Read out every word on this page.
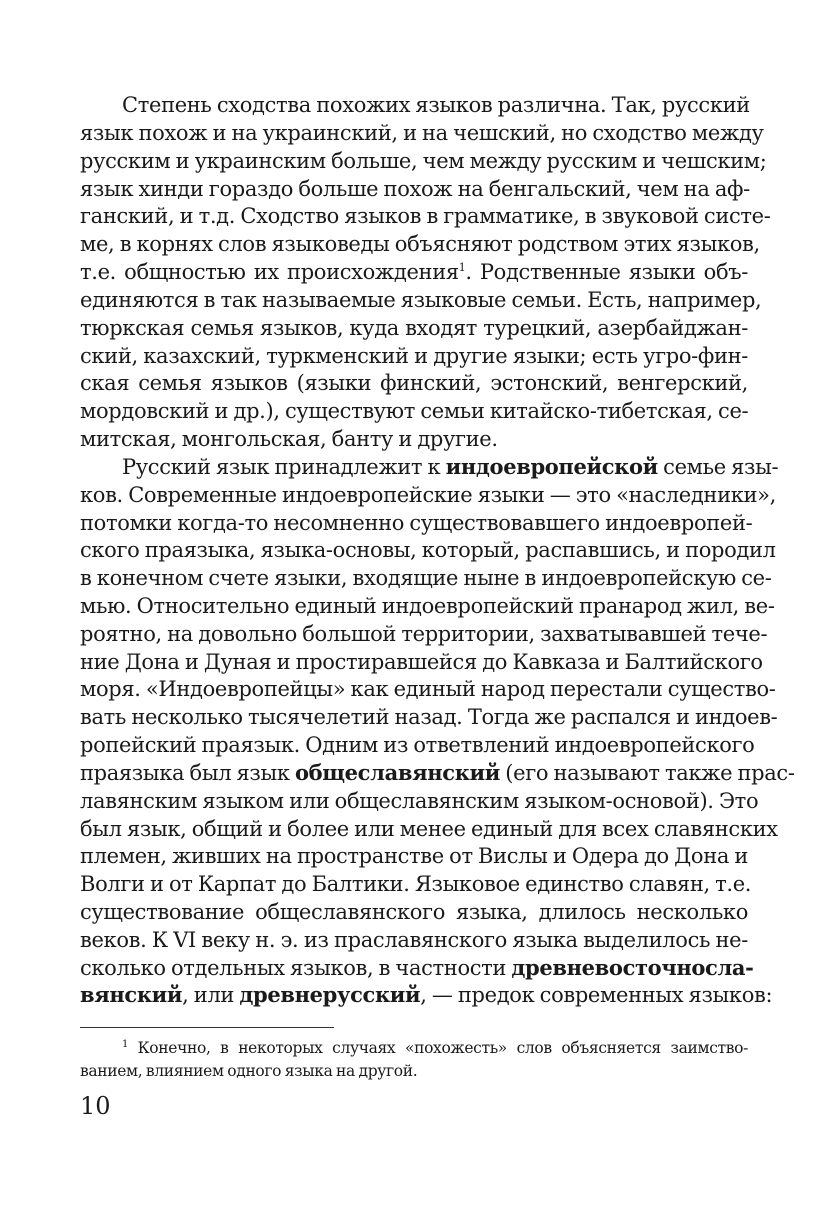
Степень сходства похожих языков различна. Так, русский
язык похож и на украинский, и на чешский, но сходство между
русским и украинским больше, чем между русским и чешским;
язык хинди гораздо больше похож на бенгальский, чем на аф-
ганский, и т.д. Сходство языков в грамматике, в звуковой систе-
ме, в корнях слов языковеды объясняют родством этих языков,
т.е. общностью их происхождения$^1$. Родственные языки объ-
единяются в так называемые языковые семьи. Есть, например,
тюркская семья языков, куда входят турецкий, азербайджан-
ский, казахский, туркменский и другие языки; есть угро-фин-
ская семья языков (языки финский, эстонский, венгерский,
мордовский и др.), существуют семьи китайско-тибетская, се-
митская, монгольская, банту и другие.
Русский язык принадлежит к индоевропейской семье язы-
ков. Современные индоевропейские языки — это «наследники»,
потомки когда-то несомненно существовавшего индоевропей-
ского праязыка, языка-основы, который, распавшись, и породил
в конечном счете языки, входящие ныне в индоевропейскую се-
мью. Относительно единый индоевропейский пранарод жил, ве-
роятно, на довольно большой территории, захватывавшей тече-
ние Дона и Дуная и простиравшейся до Кавказа и Балтийского
моря. «Индоевропейцы» как единый народ перестали существо-
вать несколько тысячелетий назад. Тогда же распался и индоев-
ропейский праязык. Одним из ответвлений индоевропейского
праязыка был язык общеславянский (его называют также прас-
лавянским языком или общеславянским языком-основой). Это
был язык, общий и более или менее единый для всех славянских
племен, живших на пространстве от Вислы и Одера до Дона и
Волги и от Карпат до Балтики. Языковое единство славян, т.е.
существование общеславянского языка, длилось несколько
веков. К VI веку н. э. из праславянского языка выделилось не-
сколько отдельных языков, в частности древневосточносла-
вянский, или древнерусский, — предок современных языков:
$^1$ Конечно, в некоторых случаях «похожесть» слов объясняется заимство-
ванием, влиянием одного языка на другой.
10
